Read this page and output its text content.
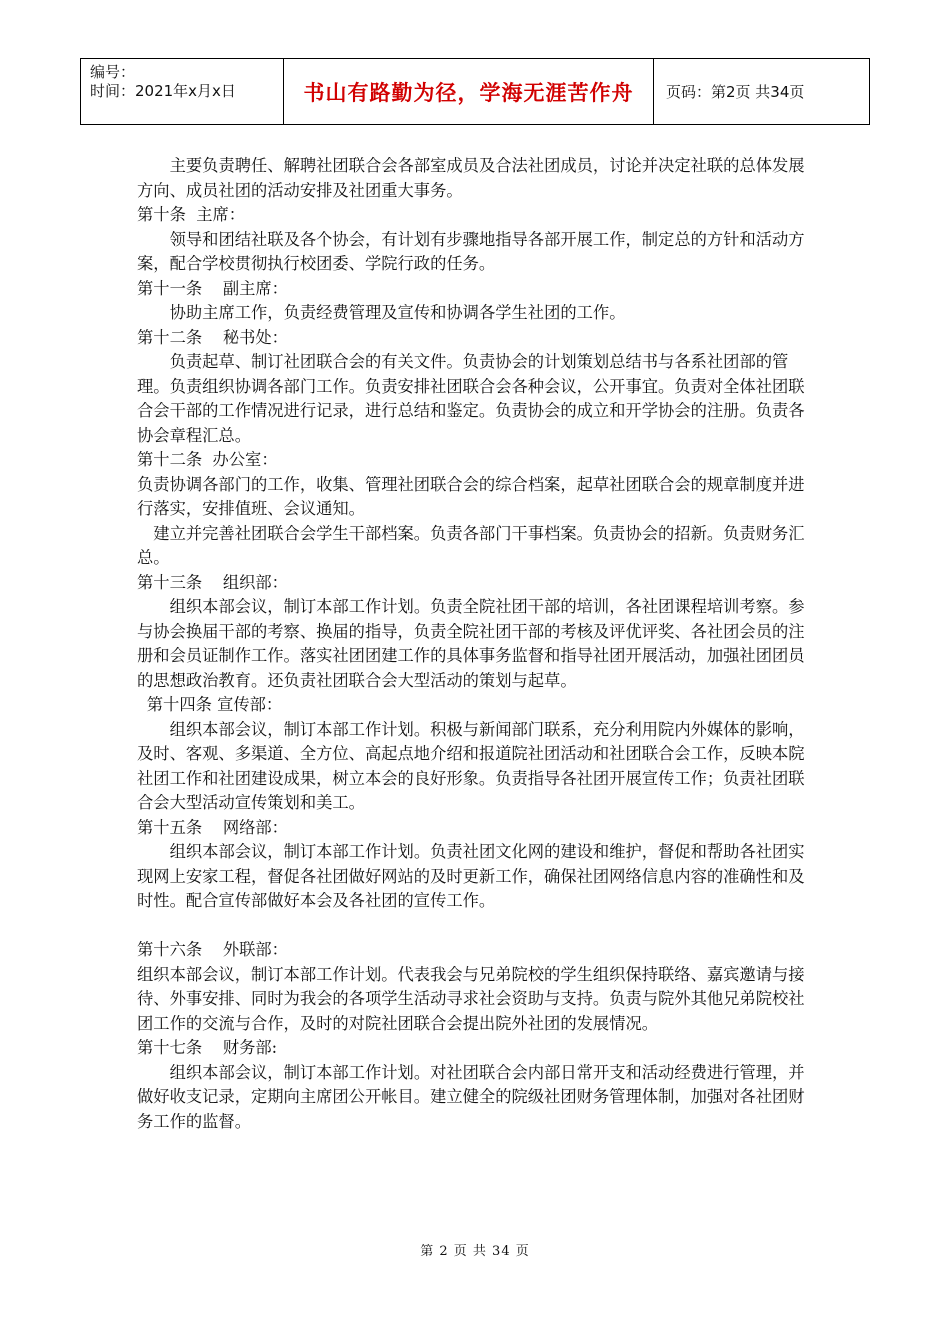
编号：
时间：2021年x月x日	书山有路勤为径，学海无涯苦作舟	页码：第2页 共34页

主要负责聘任、解聘社团联合会各部室成员及合法社团成员，讨论并决定社联的总体发展方向、成员社团的活动安排及社团重大事务。

第十条  主席：

领导和团结社联及各个协会，有计划有步骤地指导各部开展工作，制定总的方针和活动方案，配合学校贯彻执行校团委、学院行政的任务。

第十一条    副主席：

协助主席工作，负责经费管理及宣传和协调各学生社团的工作。

第十二条    秘书处：

负责起草、制订社团联合会的有关文件。负责协会的计划策划总结书与各系社团部的管理。负责组织协调各部门工作。负责安排社团联合会各种会议，公开事宜。负责对全体社团联合会干部的工作情况进行记录，进行总结和鉴定。负责协会的成立和开学协会的注册。负责各协会章程汇总。

第十二条  办公室：

负责协调各部门的工作，收集、管理社团联合会的综合档案，起草社团联合会的规章制度并进行落实，安排值班、会议通知。

建立并完善社团联合会学生干部档案。负责各部门干事档案。负责协会的招新。负责财务汇总。

第十三条    组织部：

组织本部会议，制订本部工作计划。负责全院社团干部的培训，各社团课程培训考察。参与协会换届干部的考察、换届的指导，负责全院社团干部的考核及评优评奖、各社团会员的注册和会员证制作工作。落实社团团建工作的具体事务监督和指导社团开展活动，加强社团团员的思想政治教育。还负责社团联合会大型活动的策划与起草。

第十四条 宣传部：

组织本部会议，制订本部工作计划。积极与新闻部门联系，充分利用院内外媒体的影响，及时、客观、多渠道、全方位、高起点地介绍和报道院社团活动和社团联合会工作，反映本院社团工作和社团建设成果，树立本会的良好形象。负责指导各社团开展宣传工作；负责社团联合会大型活动宣传策划和美工。

第十五条    网络部：

组织本部会议，制订本部工作计划。负责社团文化网的建设和维护，督促和帮助各社团实现网上安家工程，督促各社团做好网站的及时更新工作，确保社团网络信息内容的准确性和及时性。配合宣传部做好本会及各社团的宣传工作。

第十六条    外联部：

组织本部会议，制订本部工作计划。代表我会与兄弟院校的学生组织保持联络、嘉宾邀请与接待、外事安排、同时为我会的各项学生活动寻求社会资助与支持。负责与院外其他兄弟院校社团工作的交流与合作，及时的对院社团联合会提出院外社团的发展情况。

第十七条    财务部:

组织本部会议，制订本部工作计划。对社团联合会内部日常开支和活动经费进行管理，并做好收支记录，定期向主席团公开帐目。建立健全的院级社团财务管理体制，加强对各社团财务工作的监督。

第 2 页 共 34 页
